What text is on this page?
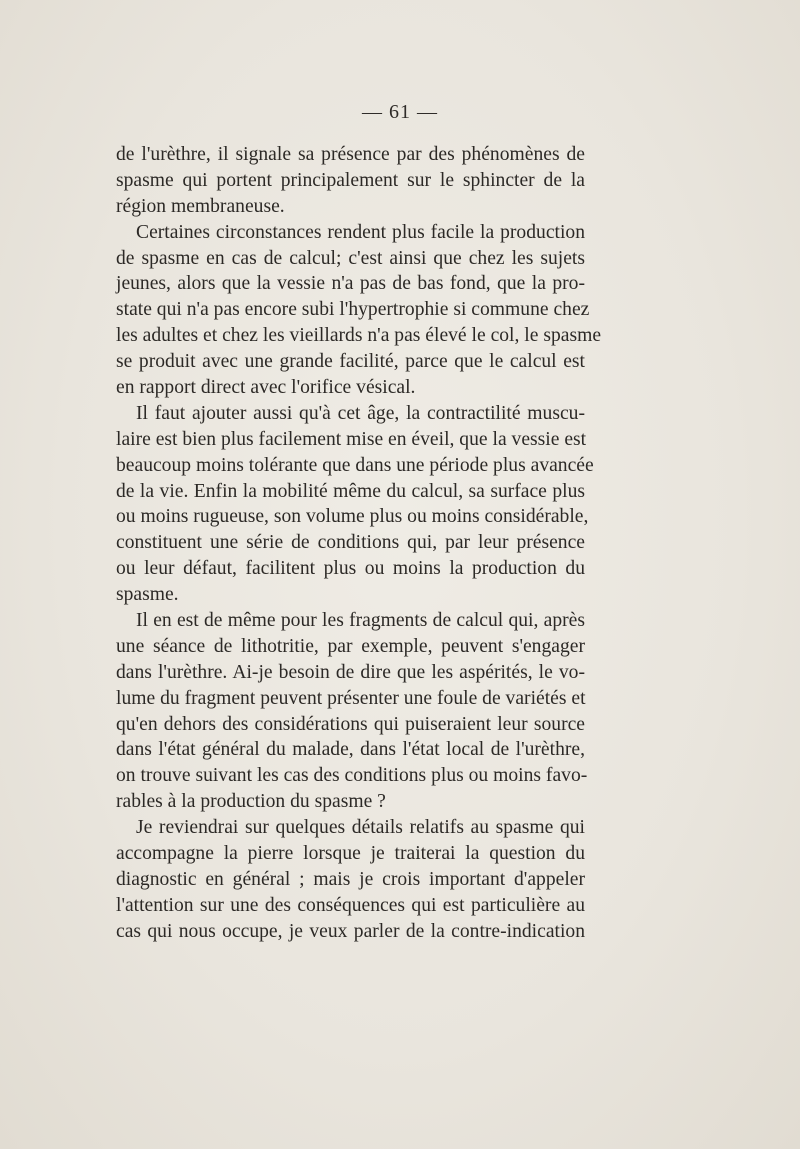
— 61 —
de l'urèthre, il signale sa présence par des phénomènes de
spasme qui portent principalement sur le sphincter de la
région membraneuse.
Certaines circonstances rendent plus facile la production
de spasme en cas de calcul; c'est ainsi que chez les sujets
jeunes, alors que la vessie n'a pas de bas fond, que la pro-
state qui n'a pas encore subi l'hypertrophie si commune chez
les adultes et chez les vieillards n'a pas élevé le col, le spasme
se produit avec une grande facilité, parce que le calcul est
en rapport direct avec l'orifice vésical.
Il faut ajouter aussi qu'à cet âge, la contractilité muscu-
laire est bien plus facilement mise en éveil, que la vessie est
beaucoup moins tolérante que dans une période plus avancée
de la vie. Enfin la mobilité même du calcul, sa surface plus
ou moins rugueuse, son volume plus ou moins considérable,
constituent une série de conditions qui, par leur présence
ou leur défaut, facilitent plus ou moins la production du
spasme.
Il en est de même pour les fragments de calcul qui, après
une séance de lithotritie, par exemple, peuvent s'engager
dans l'urèthre. Ai-je besoin de dire que les aspérités, le vo-
lume du fragment peuvent présenter une foule de variétés et
qu'en dehors des considérations qui puiseraient leur source
dans l'état général du malade, dans l'état local de l'urèthre,
on trouve suivant les cas des conditions plus ou moins favo-
rables à la production du spasme ?
Je reviendrai sur quelques détails relatifs au spasme qui
accompagne la pierre lorsque je traiterai la question du
diagnostic en général ; mais je crois important d'appeler
l'attention sur une des conséquences qui est particulière au
cas qui nous occupe, je veux parler de la contre-indication
